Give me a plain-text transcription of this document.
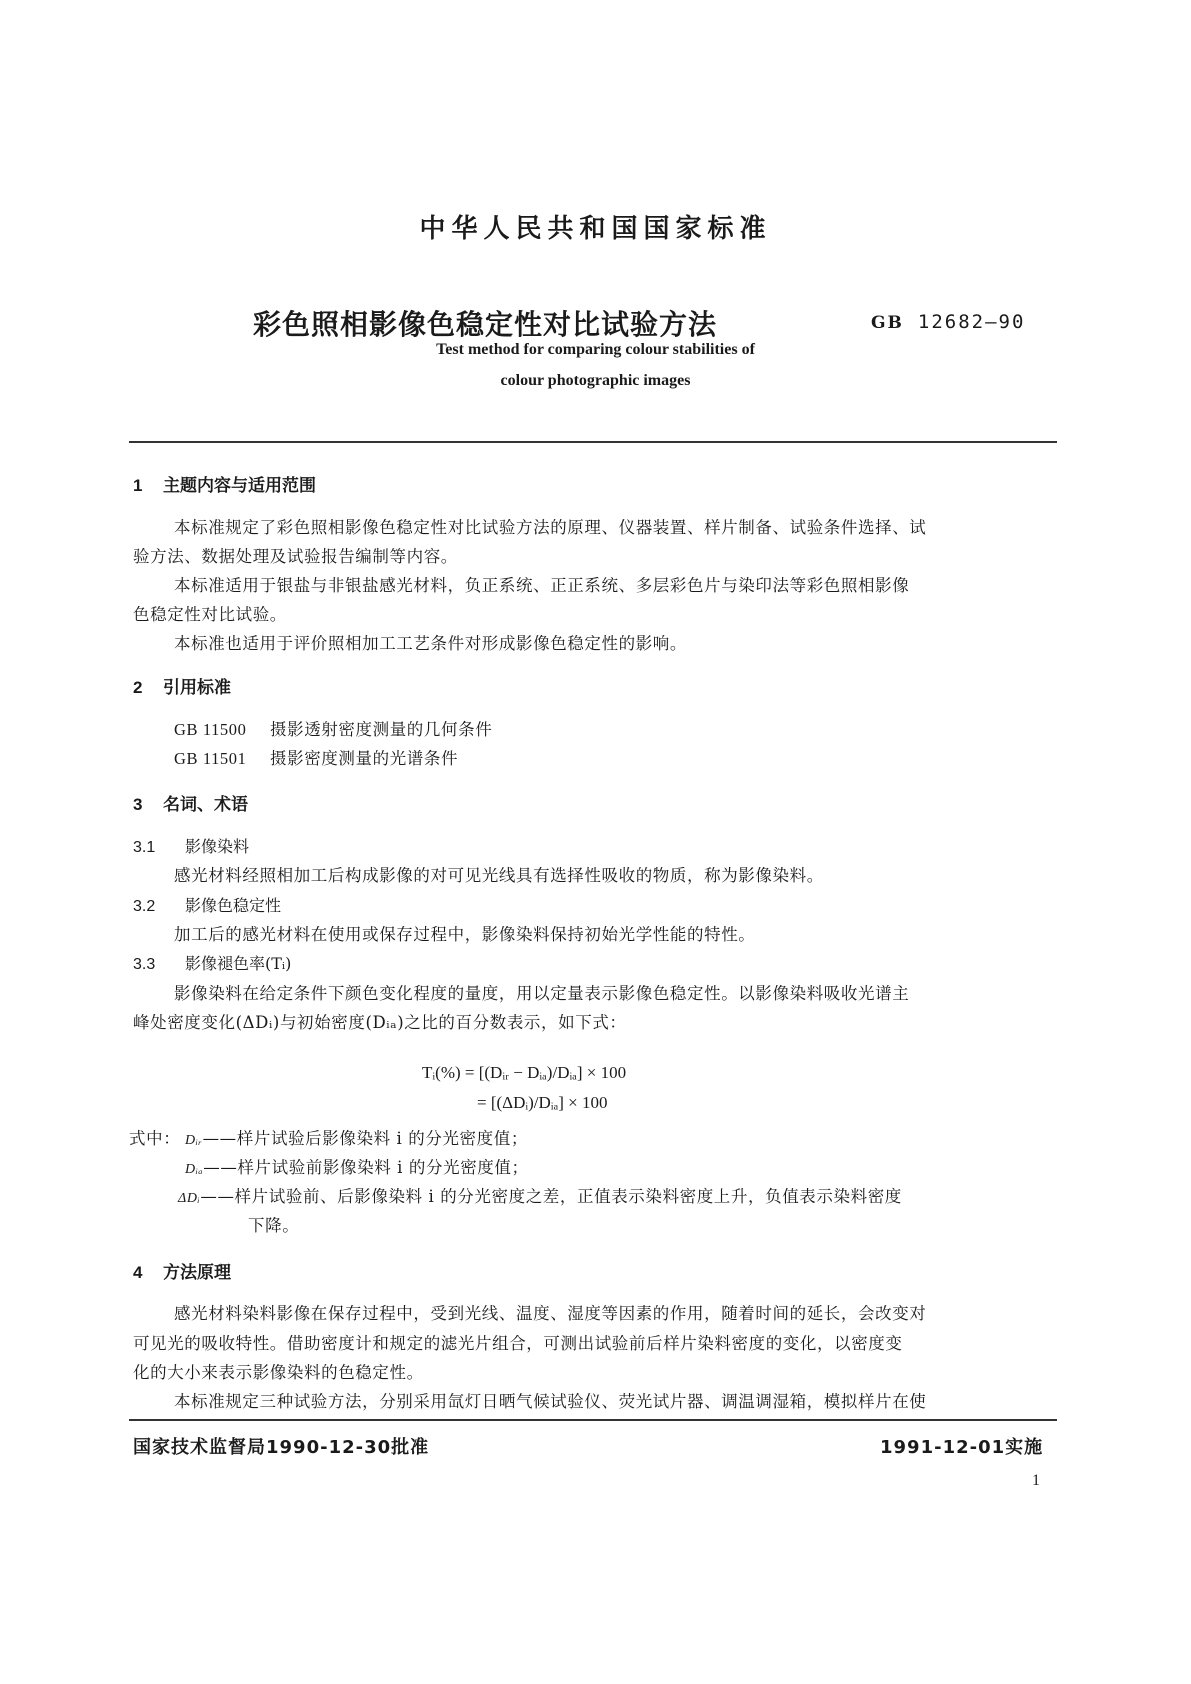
中华人民共和国国家标准
彩色照相影像色稳定性对比试验方法	GB 12682—90
Test method for comparing colour stabilities of
colour photographic images
1 主题内容与适用范围
本标准规定了彩色照相影像色稳定性对比试验方法的原理、仪器装置、样片制备、试验条件选择、试
验方法、数据处理及试验报告编制等内容。
本标准适用于银盐与非银盐感光材料，负正系统、正正系统、多层彩色片与染印法等彩色照相影像
色稳定性对比试验。
本标准也适用于评价照相加工工艺条件对形成影像色稳定性的影响。
2 引用标准
GB 11500 摄影透射密度测量的几何条件
GB 11501 摄影密度测量的光谱条件
3 名词、术语
3.1 影像染料
感光材料经照相加工后构成影像的对可见光线具有选择性吸收的物质，称为影像染料。
3.2 影像色稳定性
加工后的感光材料在使用或保存过程中，影像染料保持初始光学性能的特性。
3.3 影像褪色率(Tᵢ)
影像染料在给定条件下颜色变化程度的量度，用以定量表示影像色稳定性。以影像染料吸收光谱主
峰处密度变化(ΔDᵢ)与初始密度(Dᵢₐ)之比的百分数表示，如下式：
Tᵢ(%) = [(Dᵢᵣ − Dᵢₐ)/Dᵢₐ] × 100
= [(ΔDᵢ)/Dᵢₐ] × 100
式中： Dᵢᵣ——样片试验后影像染料 i 的分光密度值；
Dᵢₐ——样片试验前影像染料 i 的分光密度值；
ΔDᵢ——样片试验前、后影像染料 i 的分光密度之差，正值表示染料密度上升，负值表示染料密度
下降。
4 方法原理
感光材料染料影像在保存过程中，受到光线、温度、湿度等因素的作用，随着时间的延长，会改变对
可见光的吸收特性。借助密度计和规定的滤光片组合，可测出试验前后样片染料密度的变化，以密度变
化的大小来表示影像染料的色稳定性。
本标准规定三种试验方法，分别采用氙灯日晒气候试验仪、荧光试片器、调温调湿箱，模拟样片在使
国家技术监督局1990-12-30批准	1991-12-01实施
1
